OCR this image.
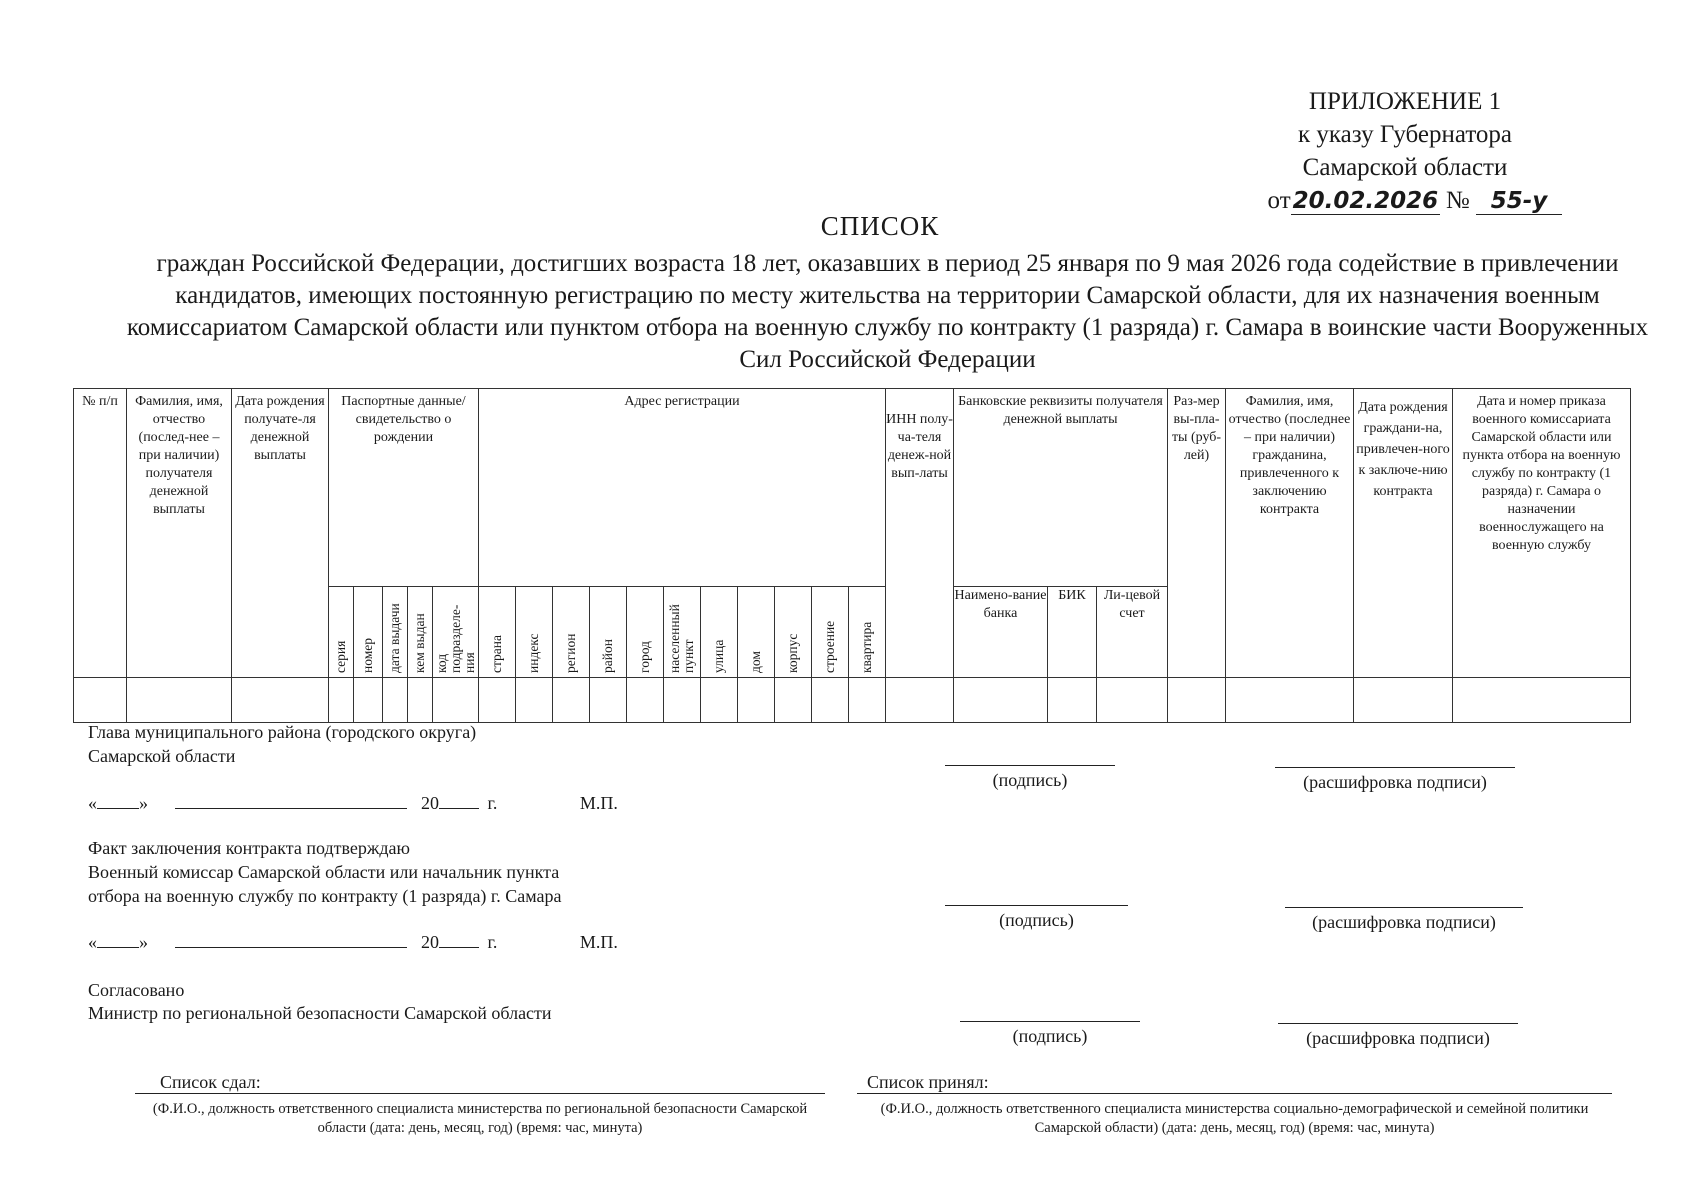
ПРИЛОЖЕНИЕ 1
к указу Губернатора
Самарской области
от20.02.2026 № 55-у
СПИСОК
граждан Российской Федерации, достигших возраста 18 лет, оказавших в период 25 января по 9 мая 2026 года содействие в привлечении кандидатов, имеющих постоянную регистрацию по месту жительства на территории Самарской области, для их назначения военным комиссариатом Самарской области или пунктом отбора на военную службу по контракту (1 разряда) г. Самара в воинские части Вооруженных Сил Российской Федерации
№ п/п	Фамилия, имя, отчество (послед-нее – при наличии) получателя денежной выплаты	Дата рождения получате-ля денежной выплаты	Паспортные данные/ свидетельство о рождении					Адрес регистрации											ИНН полу-ча-теля денеж-ной вып-латы	Банковские реквизиты получателя денежной выплаты			Раз-мер вы-пла-ты (руб-лей)	Фамилия, имя, отчество (последнее – при наличии) гражданина, привлеченного к заключению контракта	Дата рождения граждани-на, привлечен-ного к заключе-нию контракта	Дата и номер приказа военного комиссариата Самарской области или пункта отбора на военную службу по контракту (1 разряда) г. Самара о назначении военнослужащего на военную службу

			серия	номер	дата выдачи	кем выдан	код подразделе-ния	страна	индекс	регион	район	город	населенный пункт	улица	дом	корпус	строение	квартира		Наимено-вание банка	БИК	Ли-цевой счет				

Глава муниципального района (городского округа)
Самарской области
« »	20	г.	М.П.
(подпись)	(расшифровка подписи)
Факт заключения контракта подтверждаю
Военный комиссар Самарской области или начальник пункта
отбора на военную службу по контракту (1 разряда) г. Самара
« »	20	г.	М.П.
(подпись)	(расшифровка подписи)
Согласовано
Министр по региональной безопасности Самарской области
(подпись)	(расшифровка подписи)
Список сдал:
(Ф.И.О., должность ответственного специалиста министерства по региональной безопасности Самарской области (дата: день, месяц, год) (время: час, минута)
Список принял:
(Ф.И.О., должность ответственного специалиста министерства социально-демографической и семейной политики Самарской области) (дата: день, месяц, год) (время: час, минута)
